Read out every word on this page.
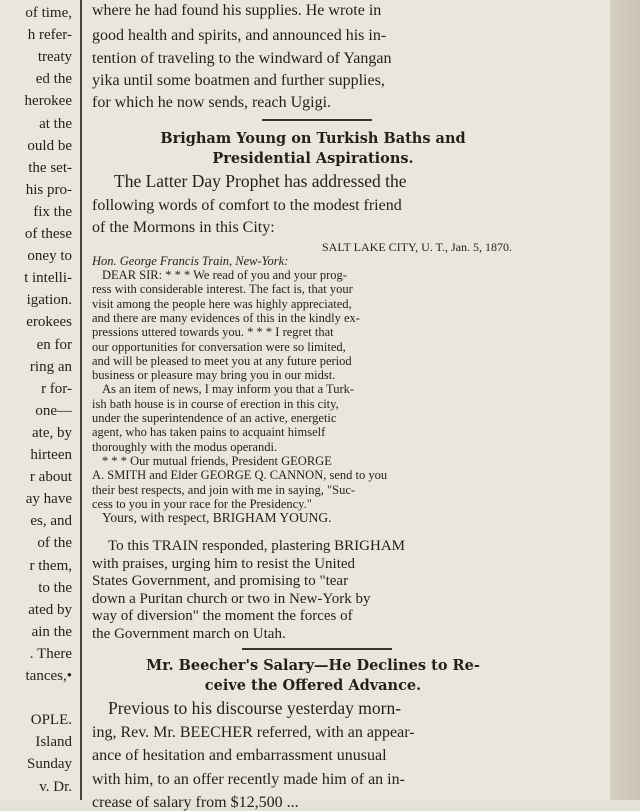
of time,
h refer-
treaty
ed the
herokee
at the
ould be
the set-
his pro-
fix the
of these
oney to
t intelli-
igation.
erokees
en for
ring an
r for-
one—
ate, by
hirteen
r about
ay have
es, and
of the
r them,
to the
ated by
ain the
. There
tances,•
OPLE.
Island
Sunday
v. Dr.
where he had found his supplies. He wrote in
good health and spirits, and announced his in-
tention of traveling to the windward of Yangan
yika until some boatmen and further supplies,
for which he now sends, reach Ugigi.
Brigham Young on Turkish Baths and
Presidential Aspirations.
The Latter Day Prophet has addressed the
following words of comfort to the modest friend
of the Mormons in this City:
SALT LAKE CITY, U. T., Jan. 5, 1870.
Hon. George Francis Train, New-York:
DEAR SIR: * * * We read of you and your prog-
ress with considerable interest. The fact is, that your
visit among the people here was highly appreciated,
and there are many evidences of this in the kindly ex-
pressions uttered towards you. * * * I regret that
our opportunities for conversation were so limited,
and will be pleased to meet you at any future period
business or pleasure may bring you in our midst.
As an item of news, I may inform you that a Turk-
ish bath house is in course of erection in this city,
under the superintendence of an active, energetic
agent, who has taken pains to acquaint himself
thoroughly with the modus operandi.
* * * Our mutual friends, President GEORGE
A. SMITH and Elder GEORGE Q. CANNON, send to you
their best respects, and join with me in saying, "Suc-
cess to you in your race for the Presidency."
Yours, with respect, BRIGHAM YOUNG.
To this TRAIN responded, plastering BRIGHAM
with praises, urging him to resist the United
States Government, and promising to "tear
down a Puritan church or two in New-York by
way of diversion" the moment the forces of
the Government march on Utah.
Mr. Beecher's Salary—He Declines to Re-
ceive the Offered Advance.
Previous to his discourse yesterday morn-
ing, Rev. Mr. BEECHER referred, with an appear-
ance of hesitation and embarrassment unusual
with him, to an offer recently made him of an in-
crease of salary from $12,500 ...
